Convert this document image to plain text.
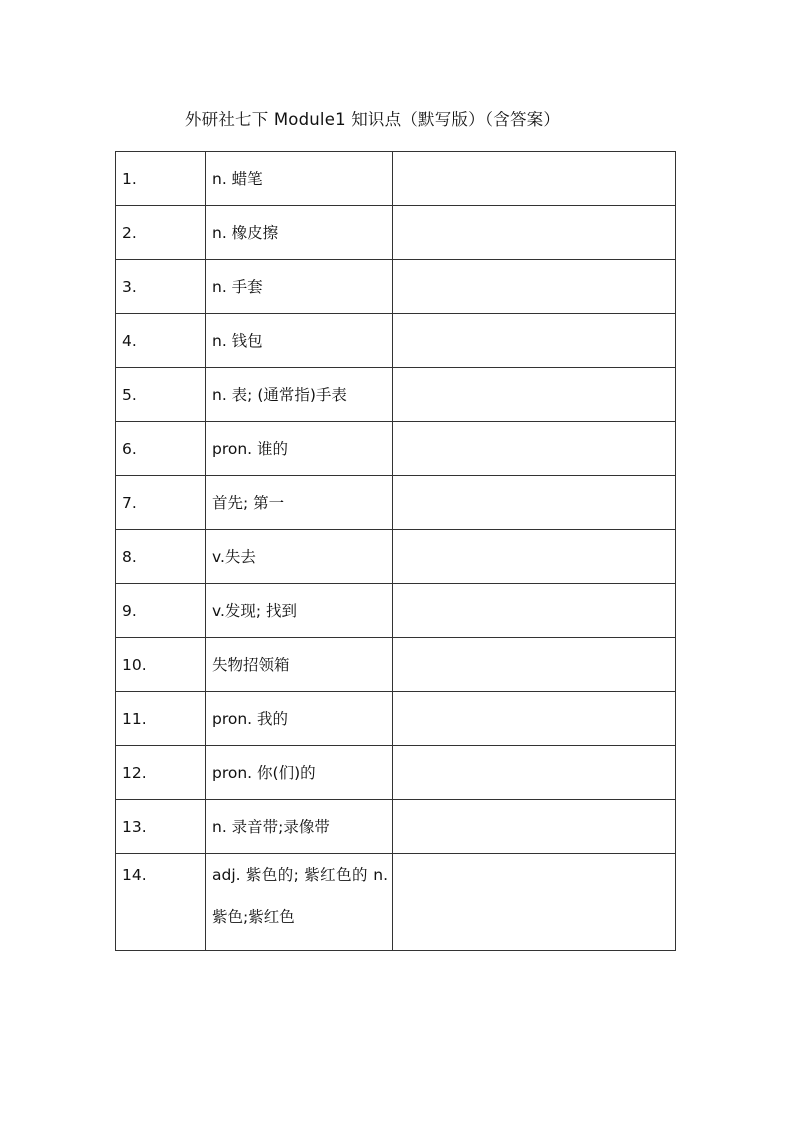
外研社七下 Module1 知识点（默写版）（含答案）
1.	n. 蜡笔	
2.	n. 橡皮擦	
3.	n. 手套	
4.	n. 钱包	
5.	n. 表; (通常指)手表	
6.	pron. 谁的	
7.	首先; 第一	
8.	v.失去	
9.	v.发现; 找到	
10.	失物招领箱	
11.	pron. 我的	
12.	pron. 你(们)的	
13.	n. 录音带;录像带	
14.	adj. 紫色的; 紫红色的 n. 紫色;紫红色	
